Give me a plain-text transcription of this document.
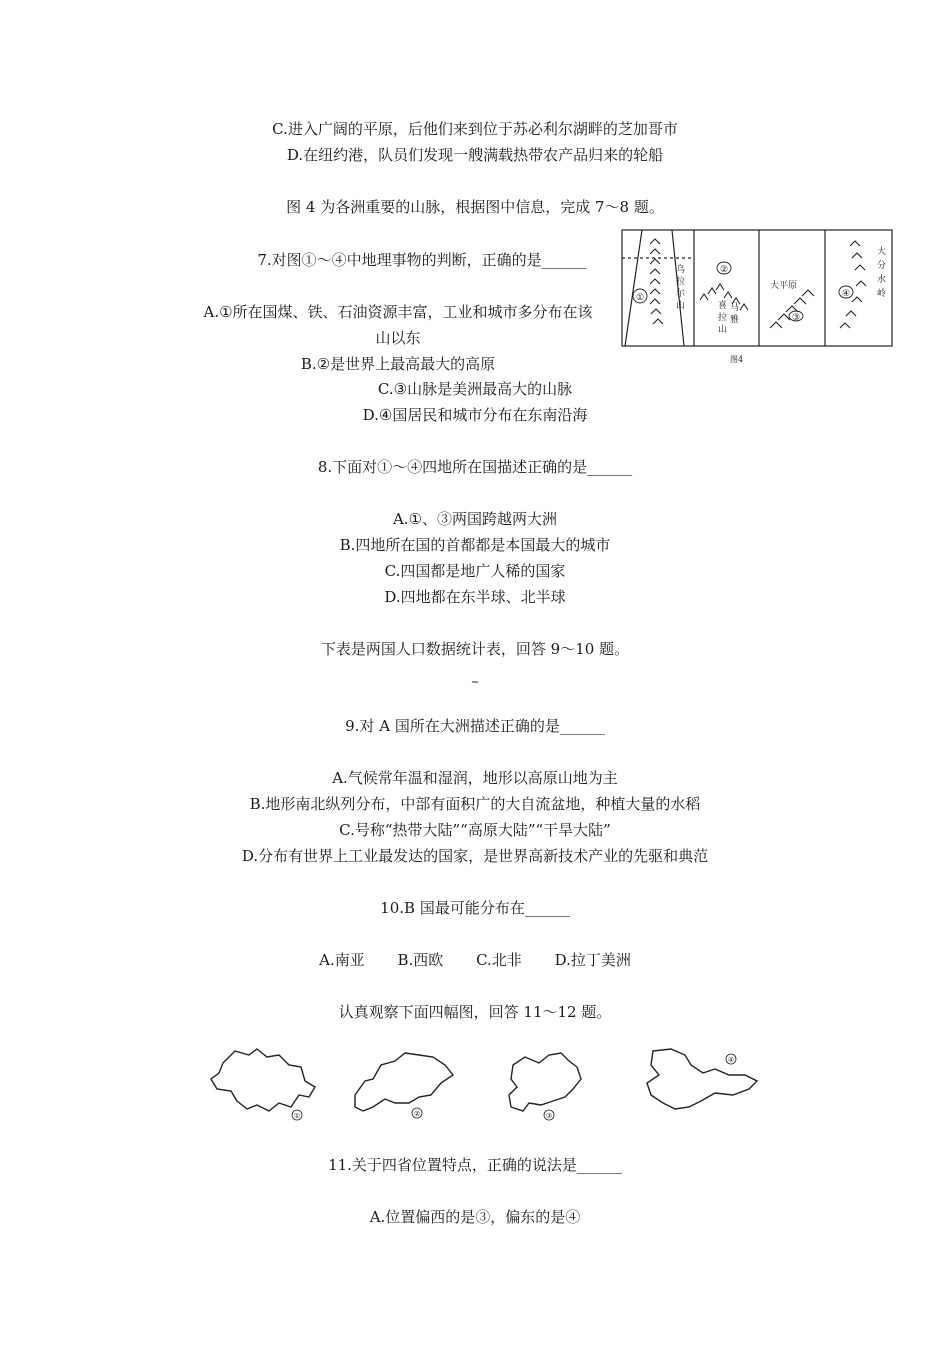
C.进入广阔的平原，后他们来到位于苏必利尔湖畔的芝加哥市
D.在纽约港，队员们发现一艘满载热带农产品归来的轮船
图 4 为各洲重要的山脉，根据图中信息，完成 7～8 题。
7.对图①～④中地理事物的判断，正确的是______
A.①所在国煤、铁、石油资源丰富，工业和城市多分布在该
山以东
B.②是世界上最高最大的高原
C.③山脉是美洲最高大的山脉
D.④国居民和城市分布在东南沿海
①
乌
拉
尔
山
②
喜 马
拉 雅
山
大平原
③
④
大
分
水
岭
图4
8.下面对①～④四地所在国描述正确的是______
A.①、③两国跨越两大洲
B.四地所在国的首都都是本国最大的城市
C.四国都是地广人稀的国家
D.四地都在东半球、北半球
下表是两国人口数据统计表，回答 9～10 题。
–
9.对 A 国所在大洲描述正确的是______
A.气候常年温和湿润，地形以高原山地为主
B.地形南北纵列分布，中部有面积广的大自流盆地，种植大量的水稻
C.号称“热带大陆”“高原大陆”“干旱大陆”
D.分布有世界上工业最发达的国家，是世界高新技术产业的先驱和典范
10.B 国最可能分布在______
A.南亚 B.西欧 C.北非 D.拉丁美洲
认真观察下面四幅图，回答 11～12 题。
①	②	③
④
11.关于四省位置特点，正确的说法是______
A.位置偏西的是③，偏东的是④
